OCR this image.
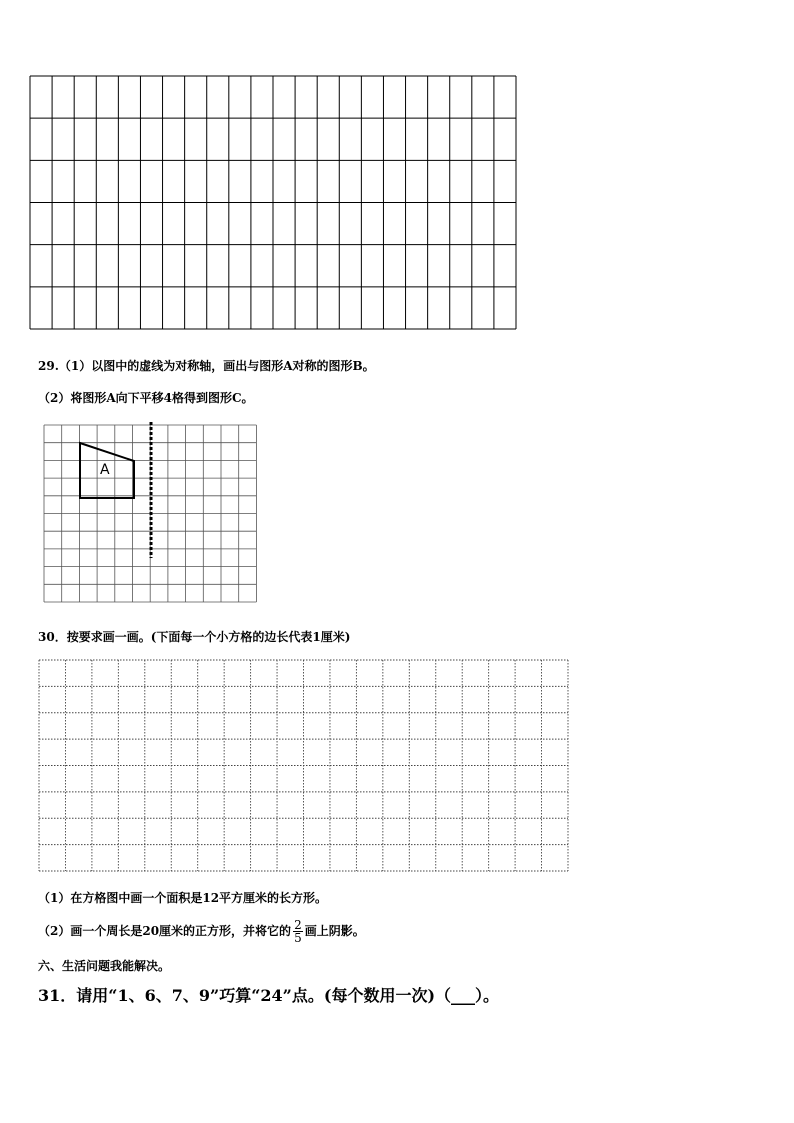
29.（1）以图中的虚线为对称轴，画出与图形A对称的图形B。
（2）将图形A向下平移4格得到图形C。
A
30．按要求画一画。(下面每一个小方格的边长代表1厘米)
（1）在方格图中画一个面积是12平方厘米的长方形。
（2）画一个周长是20厘米的正方形，并将它的 $\frac{2}{5}$ 画上阴影。
六、生活问题我能解决。
31．请用“1、6、7、9”巧算“24”点。(每个数用一次)（___）。
